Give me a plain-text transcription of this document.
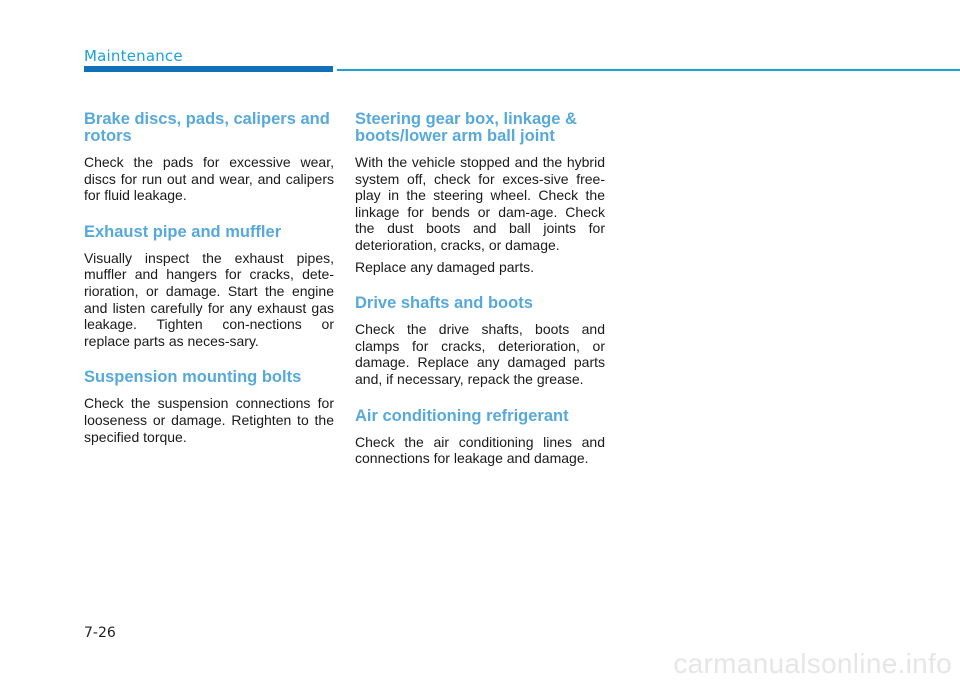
Maintenance
Brake discs, pads, calipers and rotors

Check the pads for excessive wear, discs for run out and wear, and calipers for fluid leakage.

Exhaust pipe and muffler

Visually inspect the exhaust pipes, muffler and hangers for cracks, dete-rioration, or damage. Start the engine and listen carefully for any exhaust gas leakage. Tighten con-nections or replace parts as neces-sary.

Suspension mounting bolts

Check the suspension connections for looseness or damage. Retighten to the specified torque.

Steering gear box, linkage & boots/lower arm ball joint

With the vehicle stopped and the hybrid system off, check for exces-sive free-play in the steering wheel. Check the linkage for bends or dam-age. Check the dust boots and ball joints for deterioration, cracks, or damage.

Replace any damaged parts.

Drive shafts and boots

Check the drive shafts, boots and clamps for cracks, deterioration, or damage. Replace any damaged parts and, if necessary, repack the grease.

Air conditioning refrigerant

Check the air conditioning lines and connections for leakage and damage.

7-26
carmanualsonline.info
